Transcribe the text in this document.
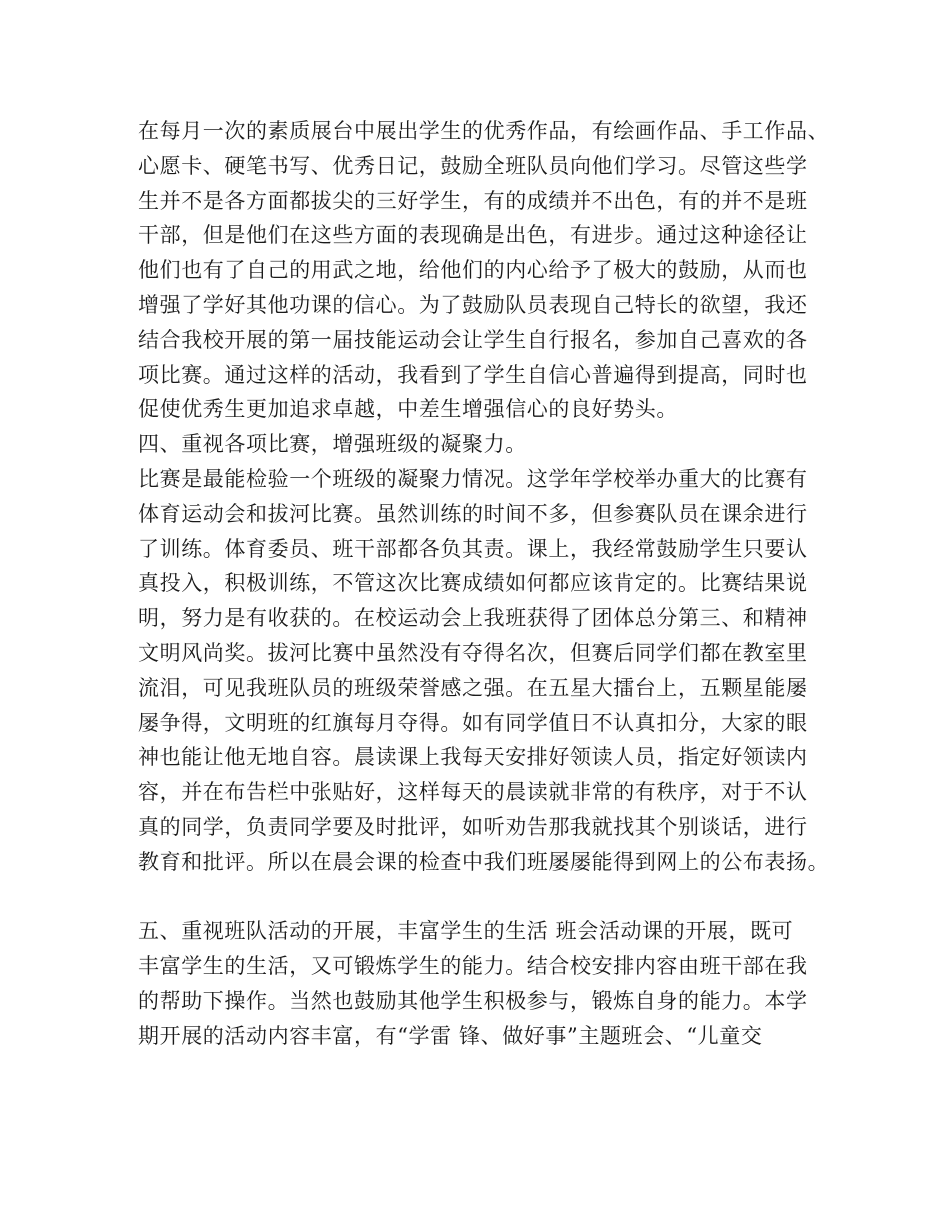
在每月一次的素质展台中展出学生的优秀作品，有绘画作品、手工作品、
心愿卡、硬笔书写、优秀日记，鼓励全班队员向他们学习。尽管这些学
生并不是各方面都拔尖的三好学生，有的成绩并不出色，有的并不是班
干部，但是他们在这些方面的表现确是出色，有进步。通过这种途径让
他们也有了自己的用武之地，给他们的内心给予了极大的鼓励，从而也
增强了学好其他功课的信心。为了鼓励队员表现自己特长的欲望，我还
结合我校开展的第一届技能运动会让学生自行报名，参加自己喜欢的各
项比赛。通过这样的活动，我看到了学生自信心普遍得到提高，同时也
促使优秀生更加追求卓越，中差生增强信心的良好势头。
四、重视各项比赛，增强班级的凝聚力。
比赛是最能检验一个班级的凝聚力情况。这学年学校举办重大的比赛有
体育运动会和拔河比赛。虽然训练的时间不多，但参赛队员在课余进行
了训练。体育委员、班干部都各负其责。课上，我经常鼓励学生只要认
真投入，积极训练，不管这次比赛成绩如何都应该肯定的。比赛结果说
明，努力是有收获的。在校运动会上我班获得了团体总分第三、和精神
文明风尚奖。拔河比赛中虽然没有夺得名次，但赛后同学们都在教室里
流泪，可见我班队员的班级荣誉感之强。在五星大擂台上，五颗星能屡
屡争得，文明班的红旗每月夺得。如有同学值日不认真扣分，大家的眼
神也能让他无地自容。晨读课上我每天安排好领读人员，指定好领读内
容，并在布告栏中张贴好，这样每天的晨读就非常的有秩序，对于不认
真的同学，负责同学要及时批评，如听劝告那我就找其个别谈话，进行
教育和批评。所以在晨会课的检查中我们班屡屡能得到网上的公布表扬。
五、重视班队活动的开展，丰富学生的生活 班会活动课的开展，既可
丰富学生的生活，又可锻炼学生的能力。结合校安排内容由班干部在我
的帮助下操作。当然也鼓励其他学生积极参与，锻炼自身的能力。本学
期开展的活动内容丰富，有“学雷 锋、做好事”主题班会、“儿童交
